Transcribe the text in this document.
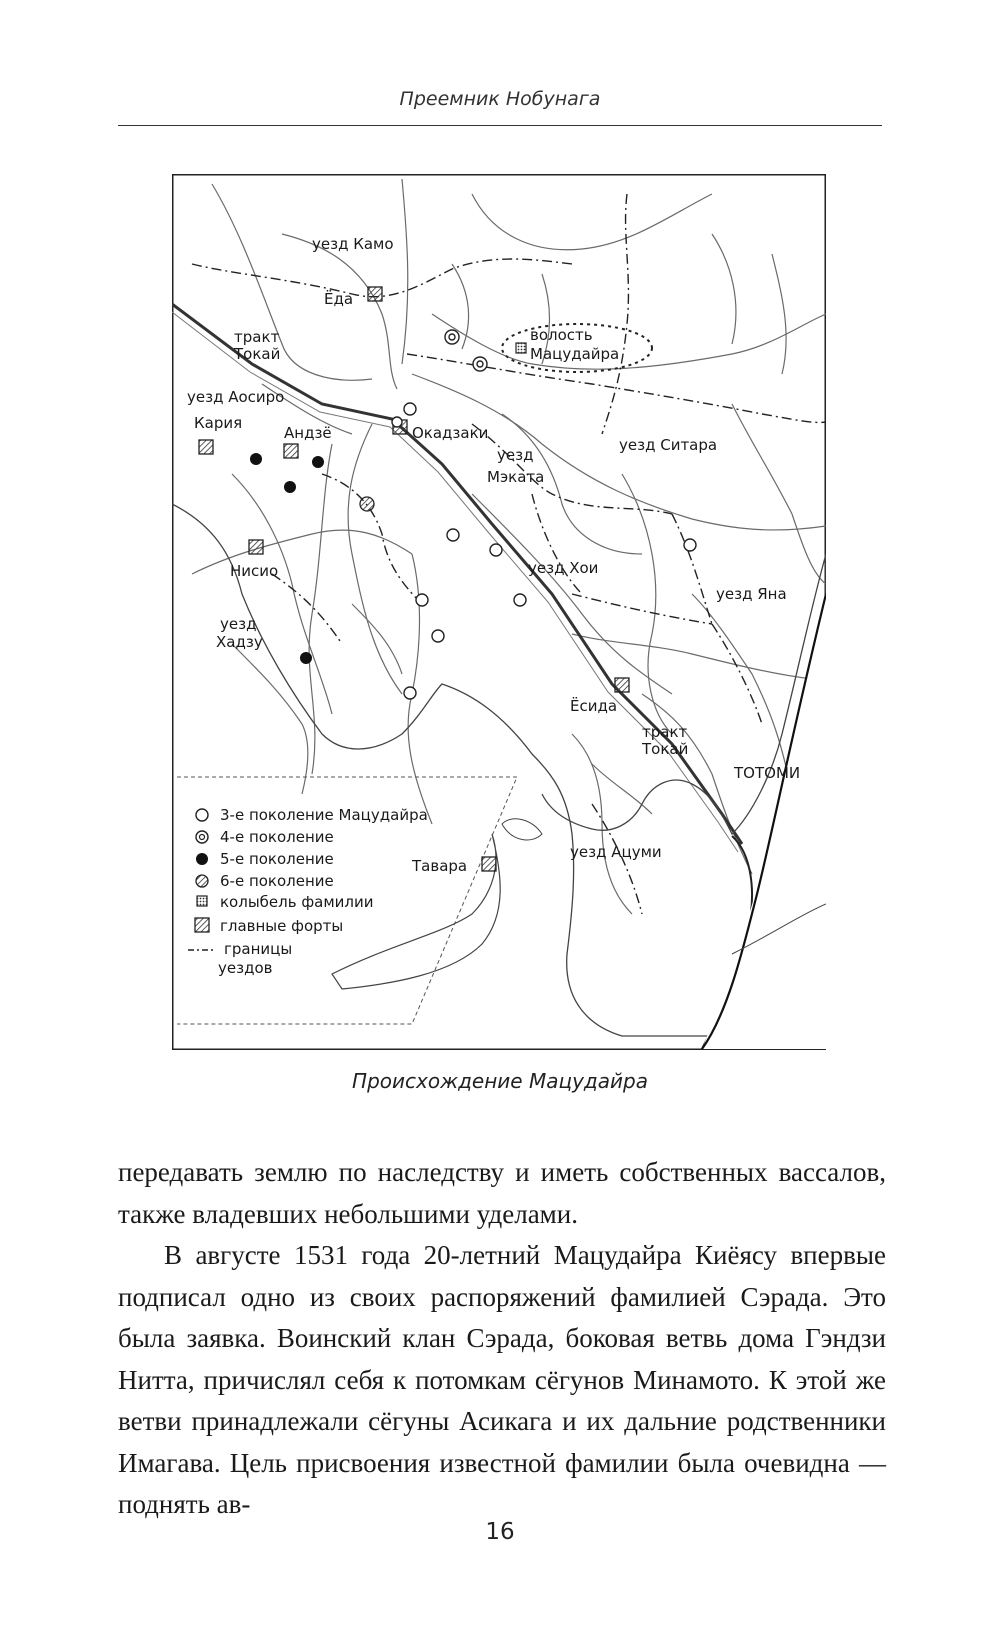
Преемник Нобунага
уезд Камо
Ёда
тракт Токай
волость Мацудайра
уезд Аосиро
Кария
Андзё	Окадзаки
уезд Мэката
уезд Ситара
Нисио	уезд Хои
уезд Яна
уезд Хадзу
Ёсида
тракт Токай
ТОТОМИ
Тавара
уезд Ацуми
3-е поколение Мацудайра
4-е поколение
5-е поколение
6-е поколение
колыбель фамилии
главные форты
границы уездов
Происхождение Мацудайра

передавать землю по наследству и иметь собственных вассалов, также владевших небольшими уделами.

В августе 1531 года 20-летний Мацудайра Киёясу впервые подписал одно из своих распоряжений фамилией Сэрада. Это была заявка. Воинский клан Сэрада, боковая ветвь дома Гэндзи Нитта, причислял себя к потомкам сёгунов Минамото. К этой же ветви принадлежали сёгуны Асикага и их дальние родственники Имагава. Цель присвоения известной фамилии была очевидна — поднять ав-

16
